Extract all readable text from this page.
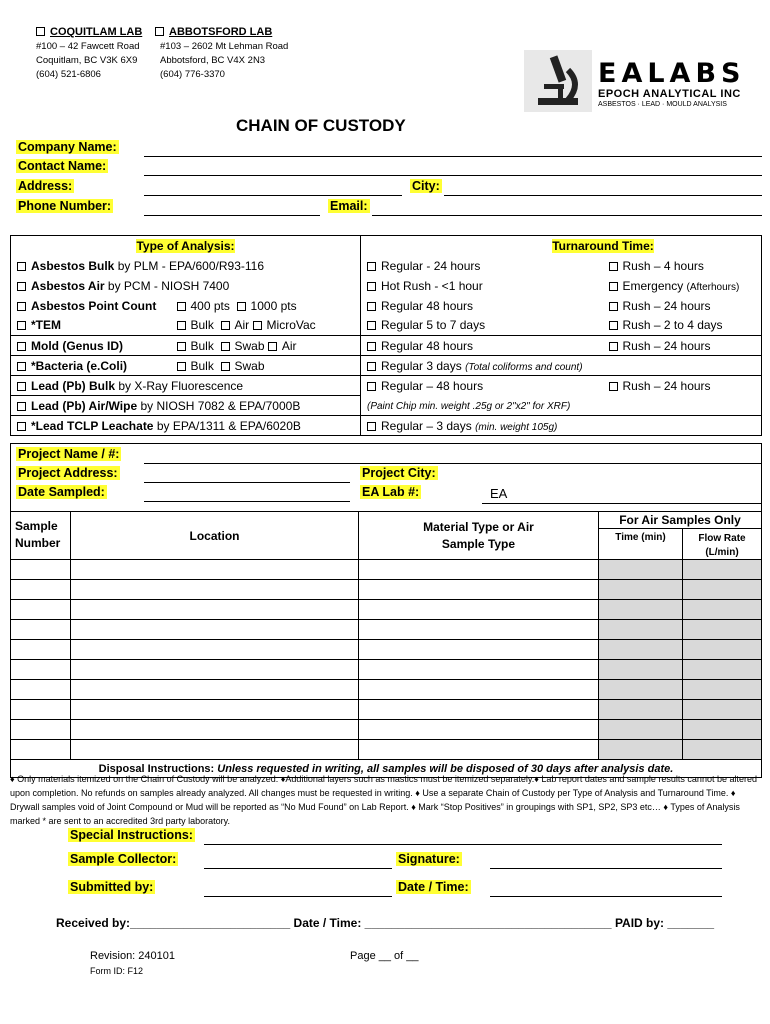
COQUITLAM LAB
#100 – 42 Fawcett Road
Coquitlam, BC V3K 6X9
(604) 521-6806
ABBOTSFORD LAB
#103 – 2602 Mt Lehman Road
Abbotsford, BC V4X 2N3
(604) 776-3370	EALABS
EPOCH ANALYTICAL INC
ASBESTOS · LEAD · MOULD ANALYSIS
CHAIN OF CUSTODY
Company Name:
Contact Name:
Address:	City:
Phone Number:	Email:
Type of Analysis:	Turnaround Time:	
Asbestos Bulk by PLM - EPA/600/R93-116	Regular - 24 hours	Rush – 4 hours
Asbestos Air by PCM - NIOSH 7400	Hot Rush - <1 hour	Emergency (Afterhours)
Asbestos Point Count 400 pts 1000 pts	Regular 48 hours	Rush – 24 hours
*TEM Bulk Air MicroVac	Regular 5 to 7 days	Rush – 2 to 4 days
Mold (Genus ID) Bulk Swab Air	Regular 48 hours	Rush – 24 hours
*Bacteria (e.Coli) Bulk Swab	Regular 3 days (Total coliforms and count)	
Lead (Pb) Bulk by X-Ray Fluorescence	Regular – 48 hours	Rush – 24 hours
Lead (Pb) Air/Wipe by NIOSH 7082 & EPA/7000B	(Paint Chip min. weight .25g or 2"x2" for XRF)	
*Lead TCLP Leachate by EPA/1311 & EPA/6020B	Regular – 3 days (min. weight 105g)	
Project Name / #:
Project Address:	Project City:
Date Sampled:	EA Lab #:	EA
Sample Number	Location	Material Type or Air Sample Type	For Air Samples Only
Time (min) Flow Rate (L/min)	

Disposal Instructions: Unless requested in writing, all samples will be disposed of 30 days after analysis date.				
♦ Only materials itemized on the Chain of Custody will be analyzed. ♦Additional layers such as mastics must be itemized separately.♦ Lab report dates and sample results cannot be altered upon completion. No refunds on samples already analyzed. All changes must be requested in writing. ♦ Use a separate Chain of Custody per Type of Analysis and Turnaround Time. ♦ Drywall samples void of Joint Compound or Mud will be reported as “No Mud Found” on Lab Report. ♦ Mark “Stop Positives” in groupings with SP1, SP2, SP3 etc… ♦ Types of Analysis marked * are sent to an accredited 3rd party laboratory.
Special Instructions:
Sample Collector:	Signature:
Submitted by:	Date / Time:
Received by:________________________ Date / Time: _____________________________________ PAID by: _______
Revision: 240101
Form ID: F12
Page __ of __
